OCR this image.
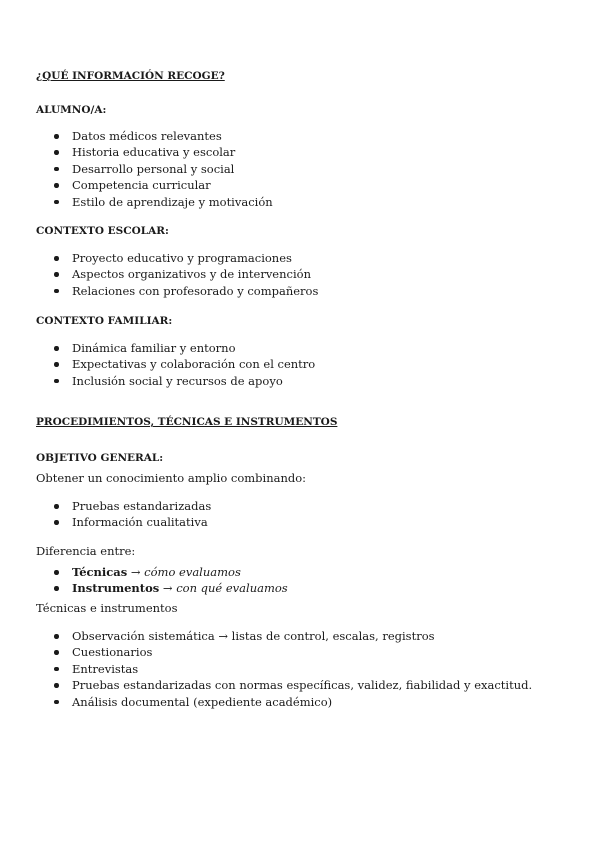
¿QUÉ INFORMACIÓN RECOGE?

ALUMNO/A:

Datos médicos relevantes
Historia educativa y escolar
Desarrollo personal y social
Competencia curricular
Estilo de aprendizaje y motivación

CONTEXTO ESCOLAR:

Proyecto educativo y programaciones
Aspectos organizativos y de intervención
Relaciones con profesorado y compañeros

CONTEXTO FAMILIAR:

Dinámica familiar y entorno
Expectativas y colaboración con el centro
Inclusión social y recursos de apoyo

PROCEDIMIENTOS, TÉCNICAS E INSTRUMENTOS

OBJETIVO GENERAL:

Obtener un conocimiento amplio combinando:

Pruebas estandarizadas
Información cualitativa

Diferencia entre:

Técnicas → cómo evaluamos
Instrumentos → con qué evaluamos

Técnicas e instrumentos

Observación sistemática → listas de control, escalas, registros
Cuestionarios
Entrevistas
Pruebas estandarizadas con normas específicas, validez, fiabilidad y exactitud.
Análisis documental (expediente académico)
